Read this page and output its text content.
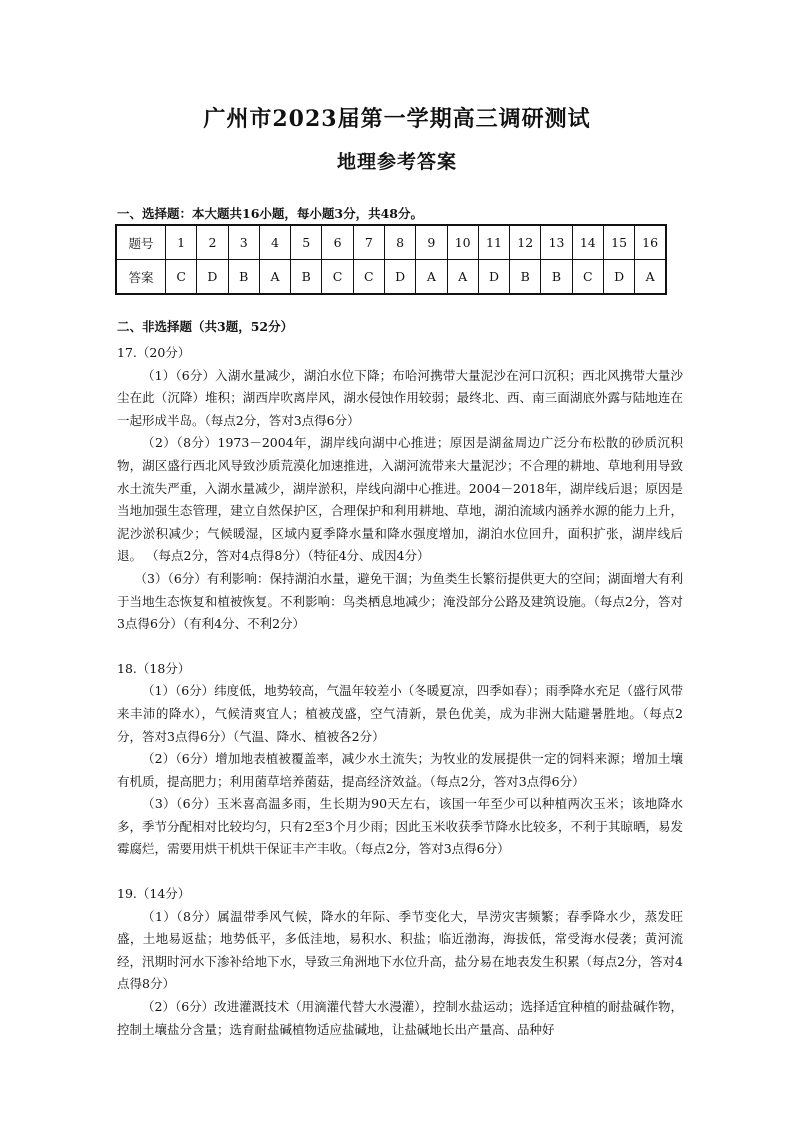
广州市2023届第一学期高三调研测试
地理参考答案
一、选择题：本大题共16小题，每小题3分，共48分。
题号	1	2	3	4	5	6	7	8	9	10	11	12	13	14	15	16
答案	C	D	B	A	B	C	C	D	A	A	D	B	B	C	D	A
二、非选择题（共3题，52分）

17.（20分）

（1）（6分）入湖水量减少，湖泊水位下降；布哈河携带大量泥沙在河口沉积；西北风携带大量沙尘在此（沉降）堆积；湖西岸吹离岸风，湖水侵蚀作用较弱；最终北、西、南三面湖底外露与陆地连在一起形成半岛。（每点2分，答对3点得6分）

（2）（8分）1973－2004年，湖岸线向湖中心推进；原因是湖盆周边广泛分布松散的砂质沉积物，湖区盛行西北风导致沙质荒漠化加速推进，入湖河流带来大量泥沙；不合理的耕地、草地利用导致水土流失严重，入湖水量减少，湖岸淤积，岸线向湖中心推进。2004－2018年，湖岸线后退；原因是当地加强生态管理，建立自然保护区，合理保护和利用耕地、草地，湖泊流域内涵养水源的能力上升，泥沙淤积减少；气候暖湿，区域内夏季降水量和降水强度增加，湖泊水位回升，面积扩张，湖岸线后退。 （每点2分，答对4点得8分）（特征4分、成因4分）

（3）（6分）有利影响：保持湖泊水量，避免干涸；为鱼类生长繁衍提供更大的空间；湖面增大有利于当地生态恢复和植被恢复。不利影响：鸟类栖息地减少；淹没部分公路及建筑设施。（每点2分，答对3点得6分）（有利4分、不利2分）

18.（18分）

（1）（6分）纬度低，地势较高，气温年较差小（冬暖夏凉，四季如春）；雨季降水充足（盛行风带来丰沛的降水），气候清爽宜人；植被茂盛，空气清新，景色优美，成为非洲大陆避暑胜地。（每点2分，答对3点得6分）（气温、降水、植被各2分）

（2）（6分）增加地表植被覆盖率，减少水土流失；为牧业的发展提供一定的饲料来源；增加土壤有机质，提高肥力；利用菌草培养菌菇，提高经济效益。（每点2分，答对3点得6分）

（3）（6分）玉米喜高温多雨，生长期为90天左右，该国一年至少可以种植两次玉米；该地降水多，季节分配相对比较均匀，只有2至3个月少雨；因此玉米收获季节降水比较多，不利于其晾晒，易发霉腐烂，需要用烘干机烘干保证丰产丰收。（每点2分，答对3点得6分）

19.（14分）

（1）（8分）属温带季风气候，降水的年际、季节变化大，旱涝灾害频繁；春季降水少，蒸发旺盛，土地易返盐；地势低平，多低洼地，易积水、积盐；临近渤海，海拔低，常受海水侵袭；黄河流经，汛期时河水下渗补给地下水，导致三角洲地下水位升高，盐分易在地表发生积累（每点2分，答对4点得8分）

（2）（6分）改进灌溉技术（用滴灌代替大水漫灌），控制水盐运动；选择适宜种植的耐盐碱作物，控制土壤盐分含量；选育耐盐碱植物适应盐碱地，让盐碱地长出产量高、品种好
